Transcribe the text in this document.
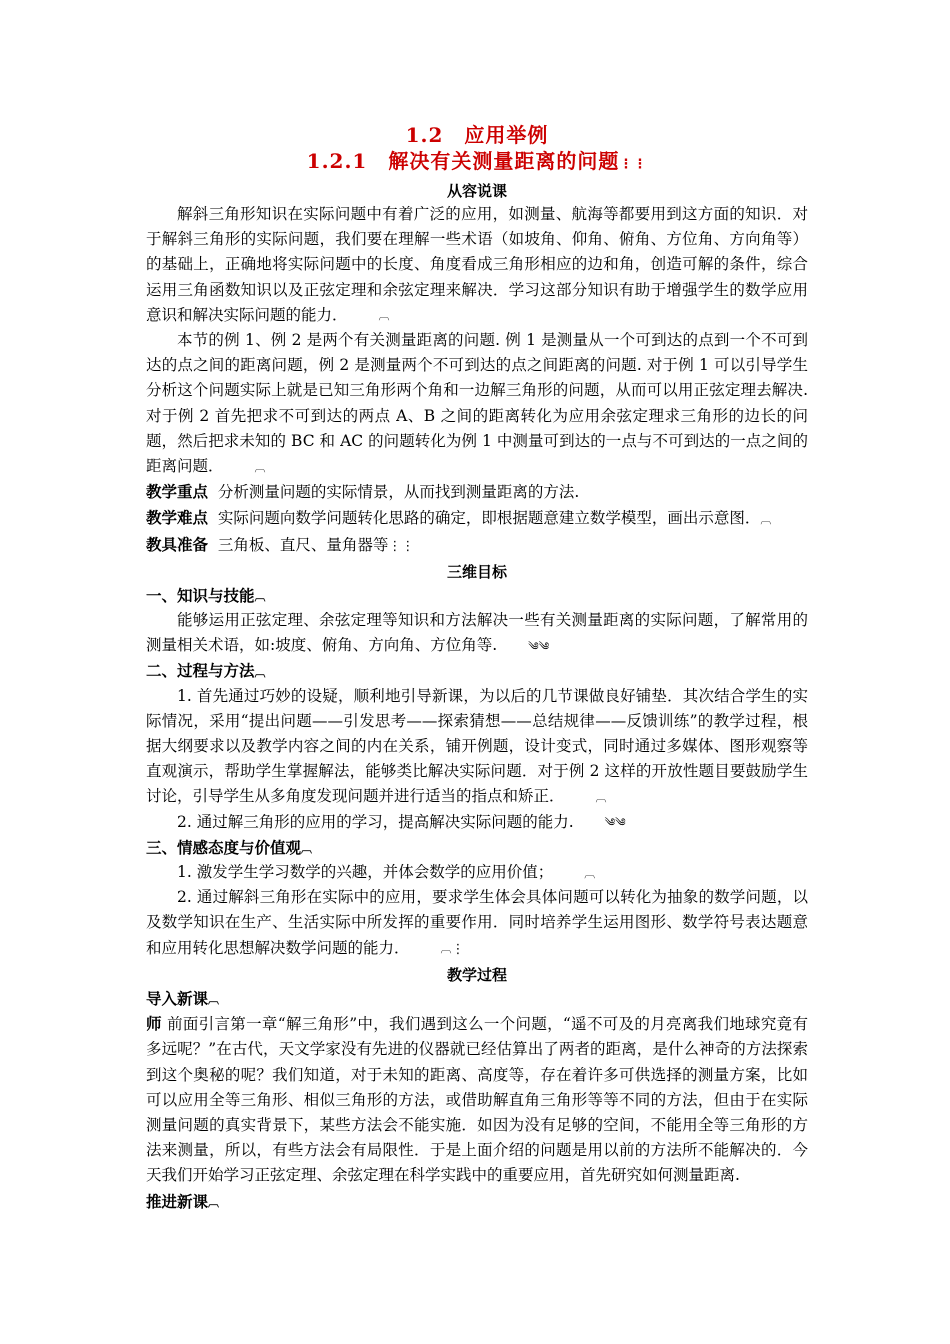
1.2　应用举例
1.2.1　解决有关测量距离的问题⋮⋮
从容说课

解斜三角形知识在实际问题中有着广泛的应用，如测量、航海等都要用到这方面的知识．对于解斜三角形的实际问题，我们要在理解一些术语（如坡角、仰角、俯角、方位角、方向角等）的基础上，正确地将实际问题中的长度、角度看成三角形相应的边和角，创造可解的条件，综合运用三角函数知识以及正弦定理和余弦定理来解决．学习这部分知识有助于增强学生的数学应用意识和解决实际问题的能力．	︹

本节的例 1、例 2 是两个有关测量距离的问题. 例 1 是测量从一个可到达的点到一个不可到达的点之间的距离问题，例 2 是测量两个不可到达的点之间距离的问题. 对于例 1 可以引导学生分析这个问题实际上就是已知三角形两个角和一边解三角形的问题，从而可以用正弦定理去解决. 对于例 2 首先把求不可到达的两点 A、B 之间的距离转化为应用余弦定理求三角形的边长的问题，然后把求未知的 BC 和 AC 的问题转化为例 1 中测量可到达的一点与不可到达的一点之间的距离问题．	︹

教学重点 分析测量问题的实际情景，从而找到测量距离的方法.

教学难点 实际问题向数学问题转化思路的确定，即根据题意建立数学模型，画出示意图．︹

教具准备 三角板、直尺、量角器等⋮⋮

三维目标

一、知识与技能︹

能够运用正弦定理、余弦定理等知识和方法解决一些有关测量距离的实际问题，了解常用的测量相关术语，如:坡度、俯角、方向角、方位角等.	༄༄

二、过程与方法︹

1. 首先通过巧妙的设疑，顺利地引导新课，为以后的几节课做良好铺垫．其次结合学生的实际情况，采用“提出问题——引发思考——探索猜想——总结规律——反馈训练”的教学过程，根据大纲要求以及教学内容之间的内在关系，铺开例题，设计变式，同时通过多媒体、图形观察等直观演示，帮助学生掌握解法，能够类比解决实际问题．对于例 2 这样的开放性题目要鼓励学生讨论，引导学生从多角度发现问题并进行适当的指点和矫正．	︹

2. 通过解三角形的应用的学习，提高解决实际问题的能力.	༄༄

三、情感态度与价值观︹

1. 激发学生学习数学的兴趣，并体会数学的应用价值；	︹

2. 通过解斜三角形在实际中的应用，要求学生体会具体问题可以转化为抽象的数学问题，以及数学知识在生产、生活实际中所发挥的重要作用．同时培养学生运用图形、数学符号表达题意和应用转化思想解决数学问题的能力．	︹⋮

教学过程

导入新课︹

师 前面引言第一章“解三角形”中，我们遇到这么一个问题，“遥不可及的月亮离我们地球究竟有多远呢？”在古代，天文学家没有先进的仪器就已经估算出了两者的距离，是什么神奇的方法探索到这个奥秘的呢？我们知道，对于未知的距离、高度等，存在着许多可供选择的测量方案，比如可以应用全等三角形、相似三角形的方法，或借助解直角三角形等等不同的方法，但由于在实际测量问题的真实背景下，某些方法会不能实施．如因为没有足够的空间，不能用全等三角形的方法来测量，所以，有些方法会有局限性．于是上面介绍的问题是用以前的方法所不能解决的．今天我们开始学习正弦定理、余弦定理在科学实践中的重要应用，首先研究如何测量距离.

推进新课︹
